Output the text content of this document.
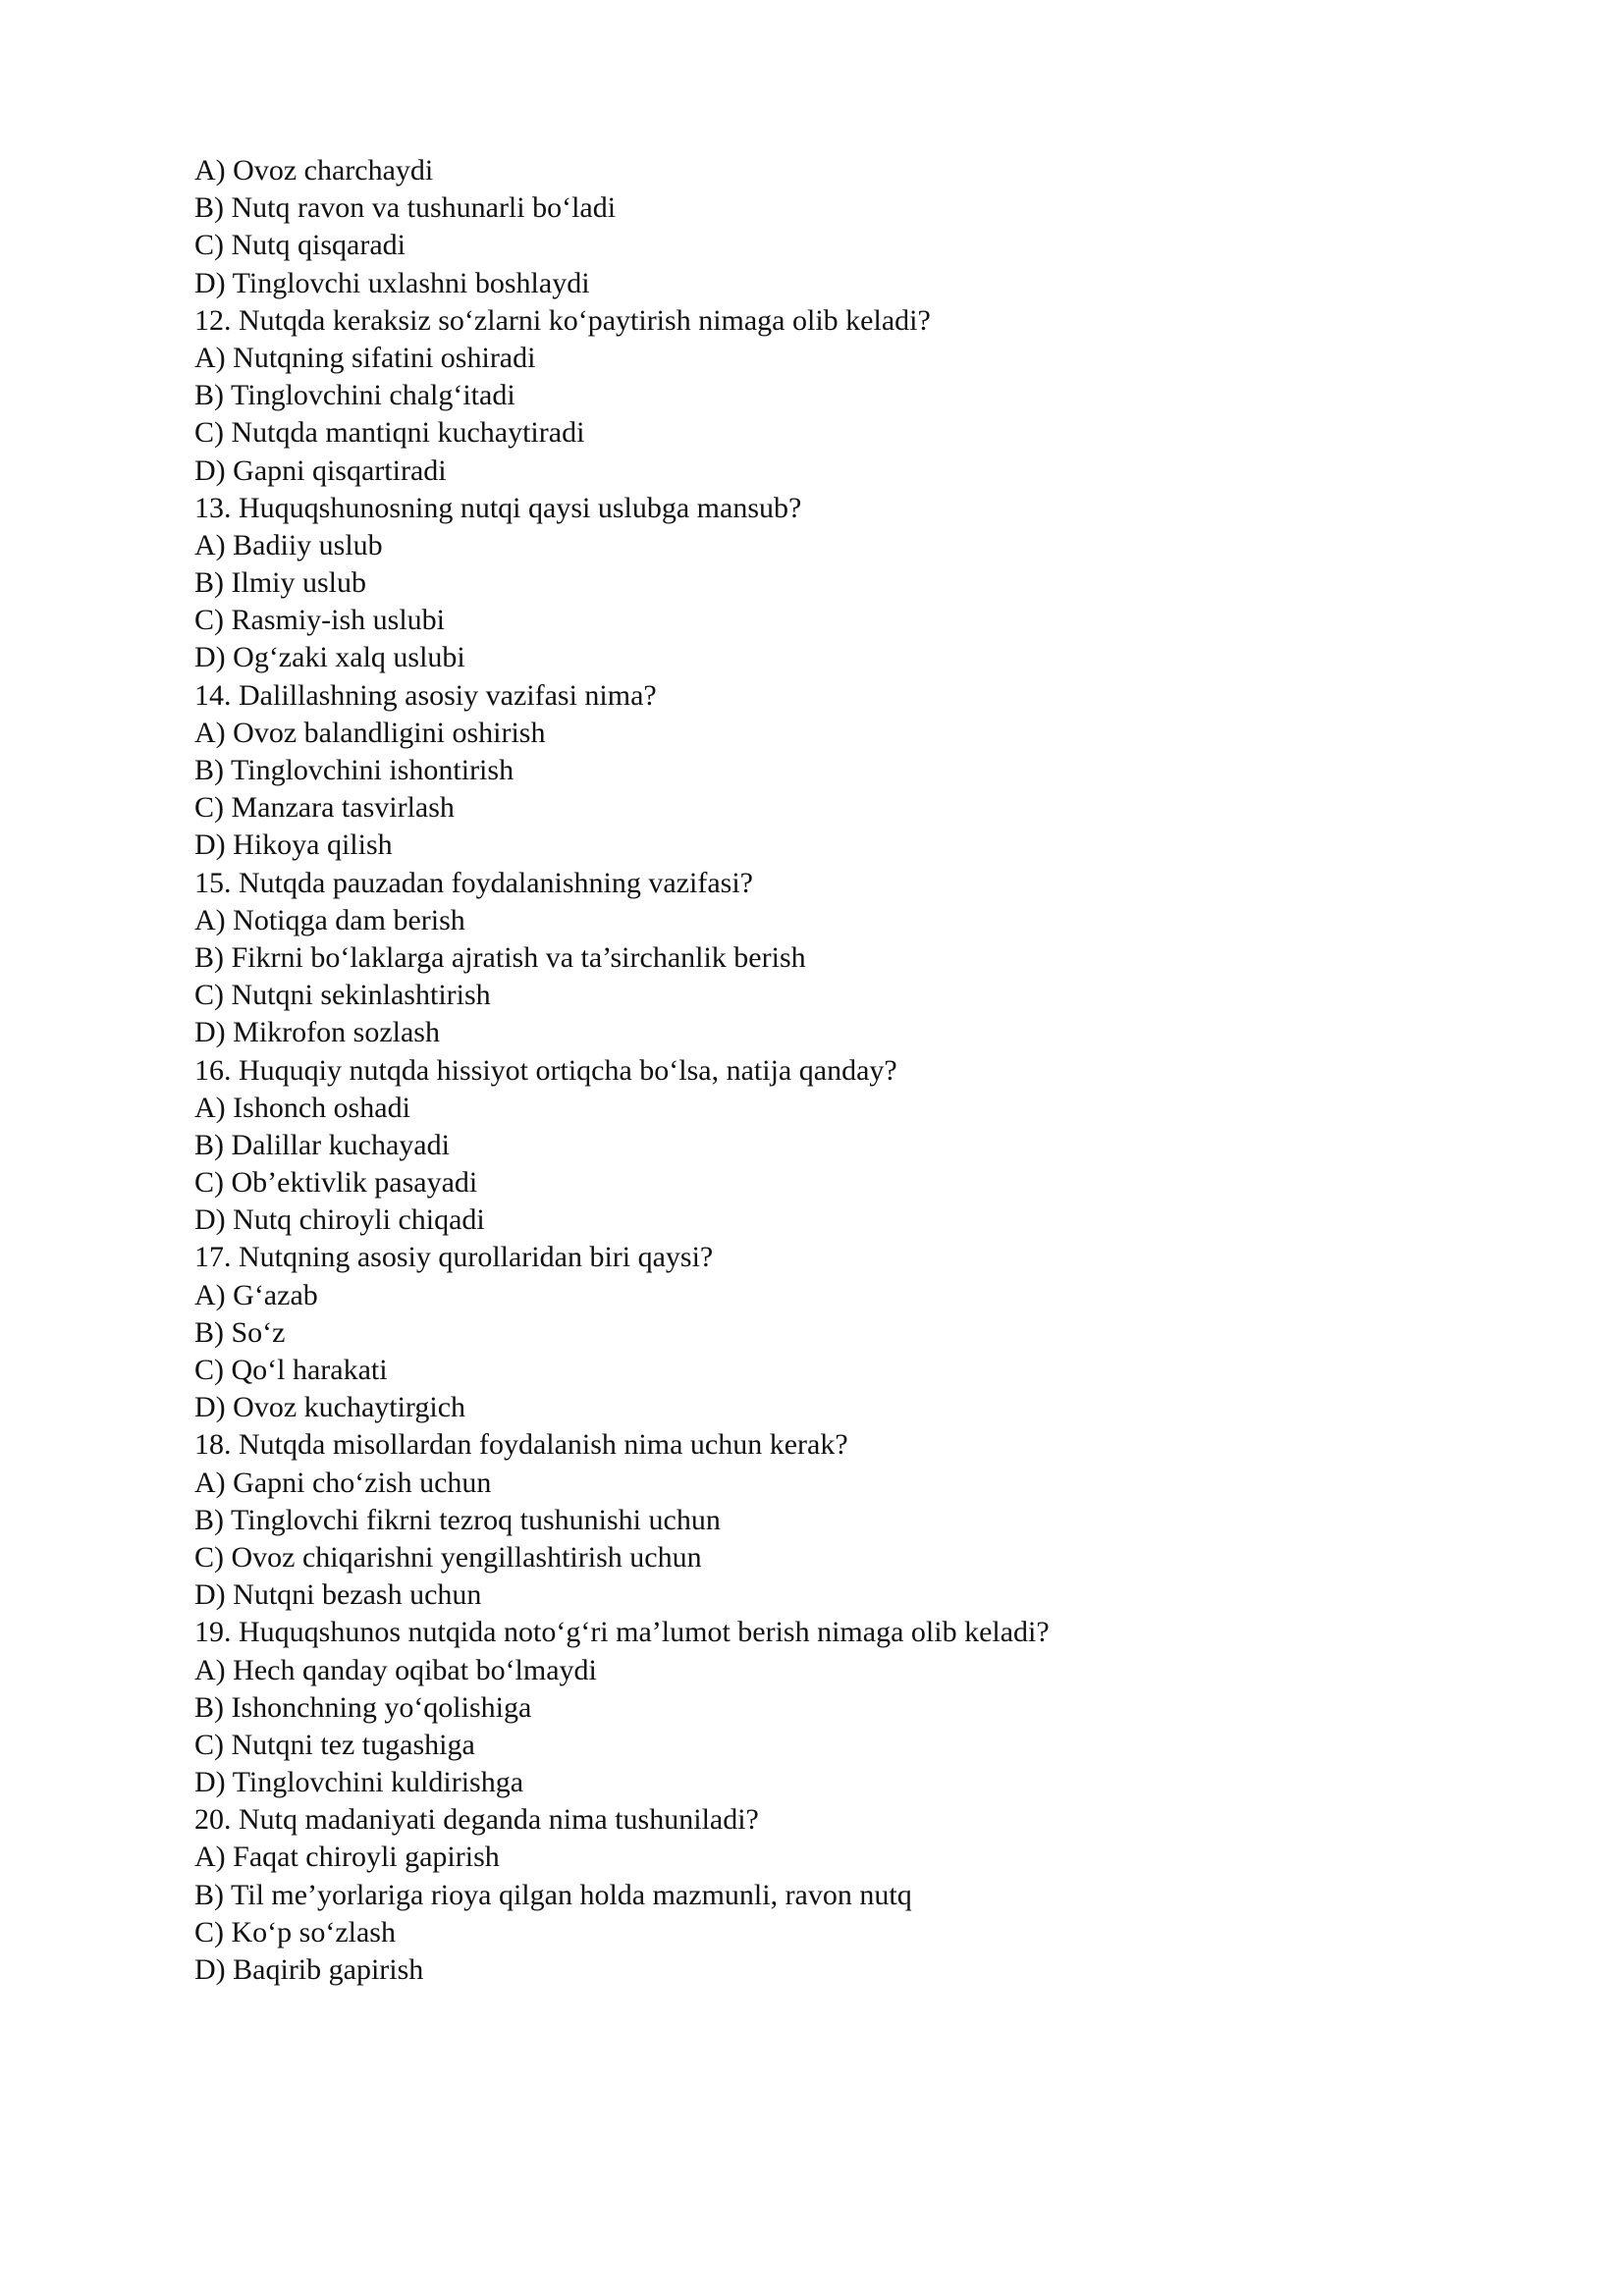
A) Ovoz charchaydi
B) Nutq ravon va tushunarli bo‘ladi
C) Nutq qisqaradi
D) Tinglovchi uxlashni boshlaydi
12. Nutqda keraksiz so‘zlarni ko‘paytirish nimaga olib keladi?
A) Nutqning sifatini oshiradi
B) Tinglovchini chalg‘itadi
C) Nutqda mantiqni kuchaytiradi
D) Gapni qisqartiradi
13. Huquqshunosning nutqi qaysi uslubga mansub?
A) Badiiy uslub
B) Ilmiy uslub
C) Rasmiy-ish uslubi
D) Og‘zaki xalq uslubi
14. Dalillashning asosiy vazifasi nima?
A) Ovoz balandligini oshirish
B) Tinglovchini ishontirish
C) Manzara tasvirlash
D) Hikoya qilish
15. Nutqda pauzadan foydalanishning vazifasi?
A) Notiqga dam berish
B) Fikrni bo‘laklarga ajratish va ta’sirchanlik berish
C) Nutqni sekinlashtirish
D) Mikrofon sozlash
16. Huquqiy nutqda hissiyot ortiqcha bo‘lsa, natija qanday?
A) Ishonch oshadi
B) Dalillar kuchayadi
C) Ob’ektivlik pasayadi
D) Nutq chiroyli chiqadi
17. Nutqning asosiy qurollaridan biri qaysi?
A) G‘azab
B) So‘z
C) Qo‘l harakati
D) Ovoz kuchaytirgich
18. Nutqda misollardan foydalanish nima uchun kerak?
A) Gapni cho‘zish uchun
B) Tinglovchi fikrni tezroq tushunishi uchun
C) Ovoz chiqarishni yengillashtirish uchun
D) Nutqni bezash uchun
19. Huquqshunos nutqida noto‘g‘ri ma’lumot berish nimaga olib keladi?
A) Hech qanday oqibat bo‘lmaydi
B) Ishonchning yo‘qolishiga
C) Nutqni tez tugashiga
D) Tinglovchini kuldirishga
20. Nutq madaniyati deganda nima tushuniladi?
A) Faqat chiroyli gapirish
B) Til me’yorlariga rioya qilgan holda mazmunli, ravon nutq
C) Ko‘p so‘zlash
D) Baqirib gapirish
